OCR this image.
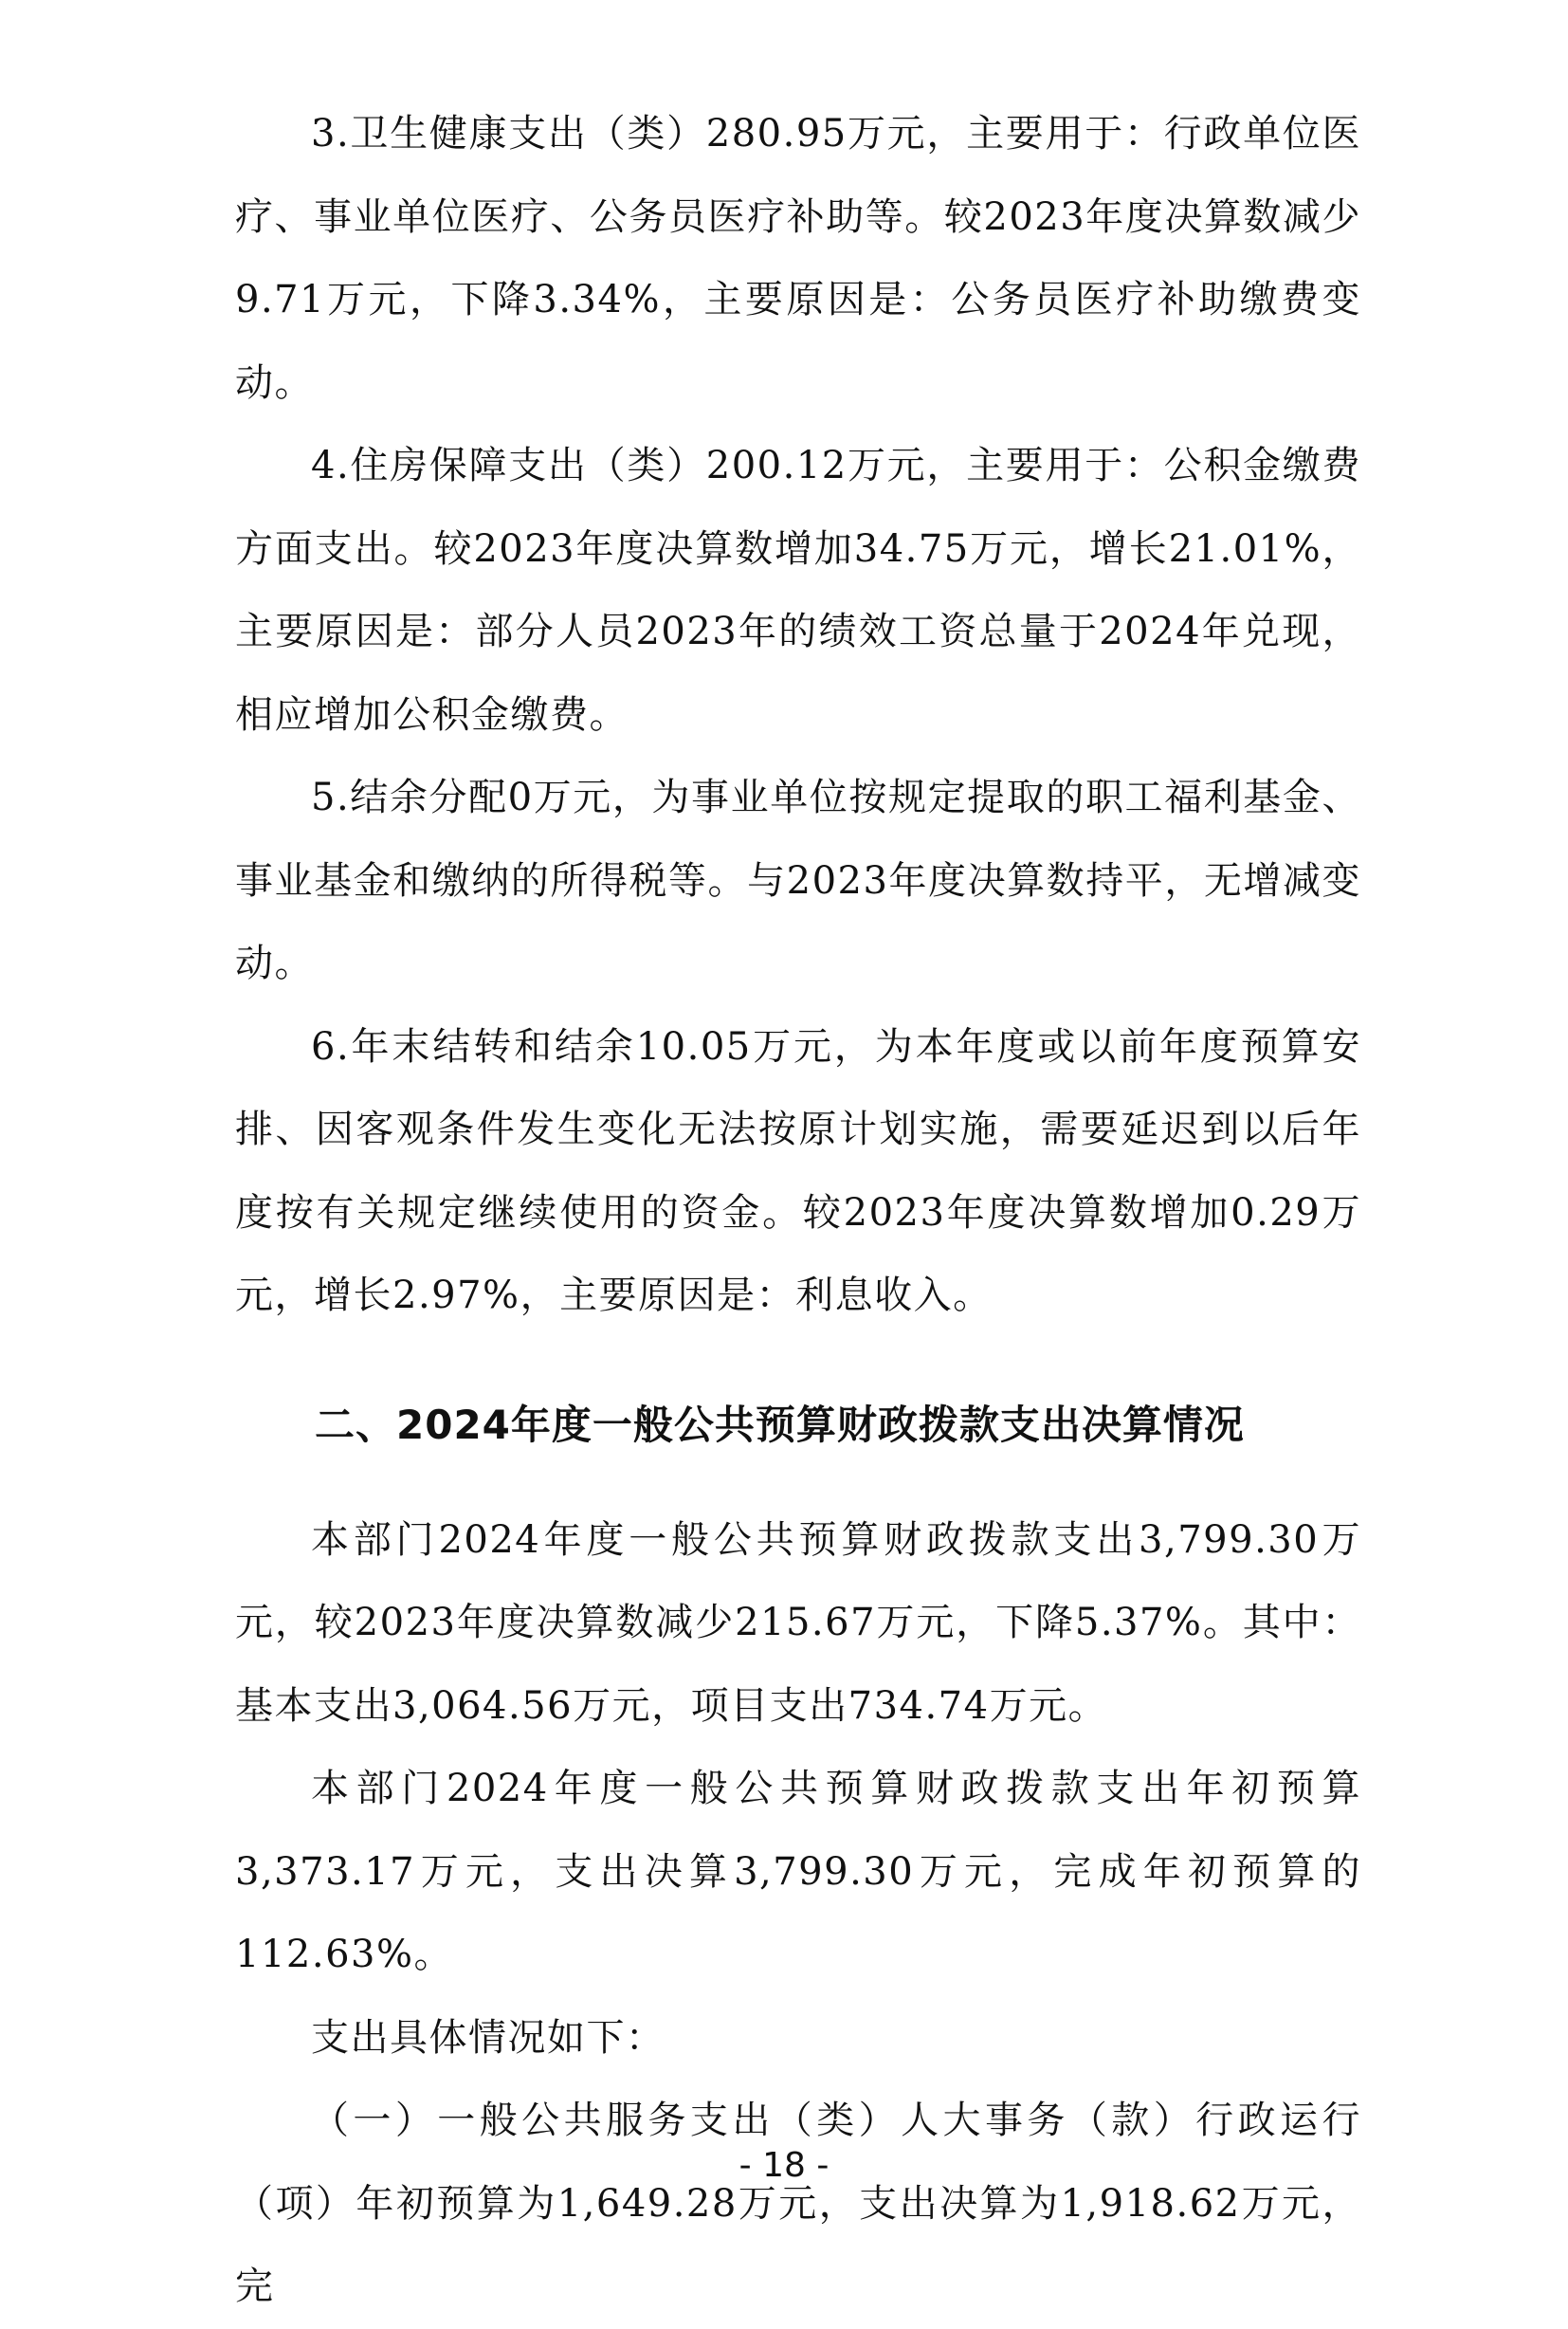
3.卫生健康支出（类）280.95万元，主要用于：行政单位医疗、事业单位医疗、公务员医疗补助等。较2023年度决算数减少9.71万元，下降3.34%，主要原因是：公务员医疗补助缴费变动。

4.住房保障支出（类）200.12万元，主要用于：公积金缴费方面支出。较2023年度决算数增加34.75万元，增长21.01%，主要原因是：部分人员2023年的绩效工资总量于2024年兑现，相应增加公积金缴费。

5.结余分配0万元，为事业单位按规定提取的职工福利基金、事业基金和缴纳的所得税等。与2023年度决算数持平，无增减变动。

6.年末结转和结余10.05万元，为本年度或以前年度预算安排、因客观条件发生变化无法按原计划实施，需要延迟到以后年度按有关规定继续使用的资金。较2023年度决算数增加0.29万元，增长2.97%，主要原因是：利息收入。

二、2024年度一般公共预算财政拨款支出决算情况

本部门2024年度一般公共预算财政拨款支出3,799.30万元，较2023年度决算数减少215.67万元，下降5.37%。其中：基本支出3,064.56万元，项目支出734.74万元。

本部门2024年度一般公共预算财政拨款支出年初预算3,373.17万元，支出决算3,799.30万元，完成年初预算的112.63%。

支出具体情况如下：

（一）一般公共服务支出（类）人大事务（款）行政运行（项）年初预算为1,649.28万元，支出决算为1,918.62万元，完

- 18 -
